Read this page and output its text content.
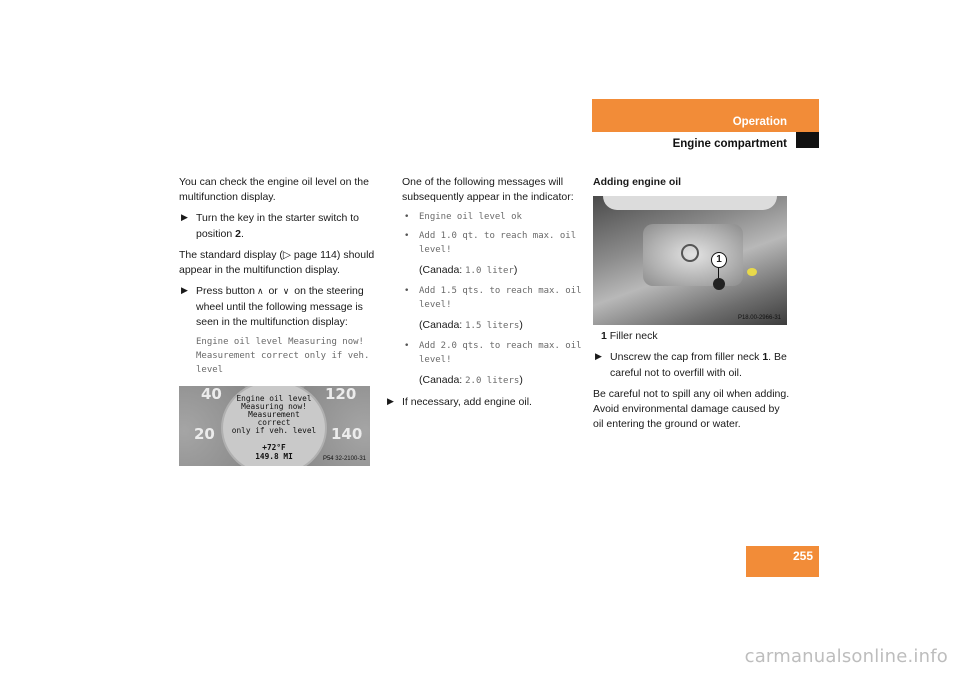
Operation
Engine compartment

You can check the engine oil level on the multifunction display.

▶ Turn the key in the starter switch to position 2.

The standard display (▷ page 114) should appear in the multifunction display.

▶ Press button ∧ or ∨ on the steering wheel until the following message is seen in the multifunction display:
Engine oil level Measuring now!
Measurement correct only if veh.
level
40
20
120
140
Engine oil level
Measuring now!
Measurement
correct
only if veh. level
+72°F
149.8 MI	P54 32-2100-31

One of the following messages will subsequently appear in the indicator:

• Engine oil level ok
• Add 1.0 qt. to reach max. oil level!
(Canada: 1.0 liter)
• Add 1.5 qts. to reach max. oil level!
(Canada: 1.5 liters)
• Add 2.0 qts. to reach max. oil level!
(Canada: 2.0 liters)
▶ If necessary, add engine oil.

Adding engine oil

1
P18.00-2966-31
1 Filler neck
▶ Unscrew the cap from filler neck 1. Be careful not to overfill with oil.

Be careful not to spill any oil when adding. Avoid environmental damage caused by oil entering the ground or water.

255
carmanualsonline.info
